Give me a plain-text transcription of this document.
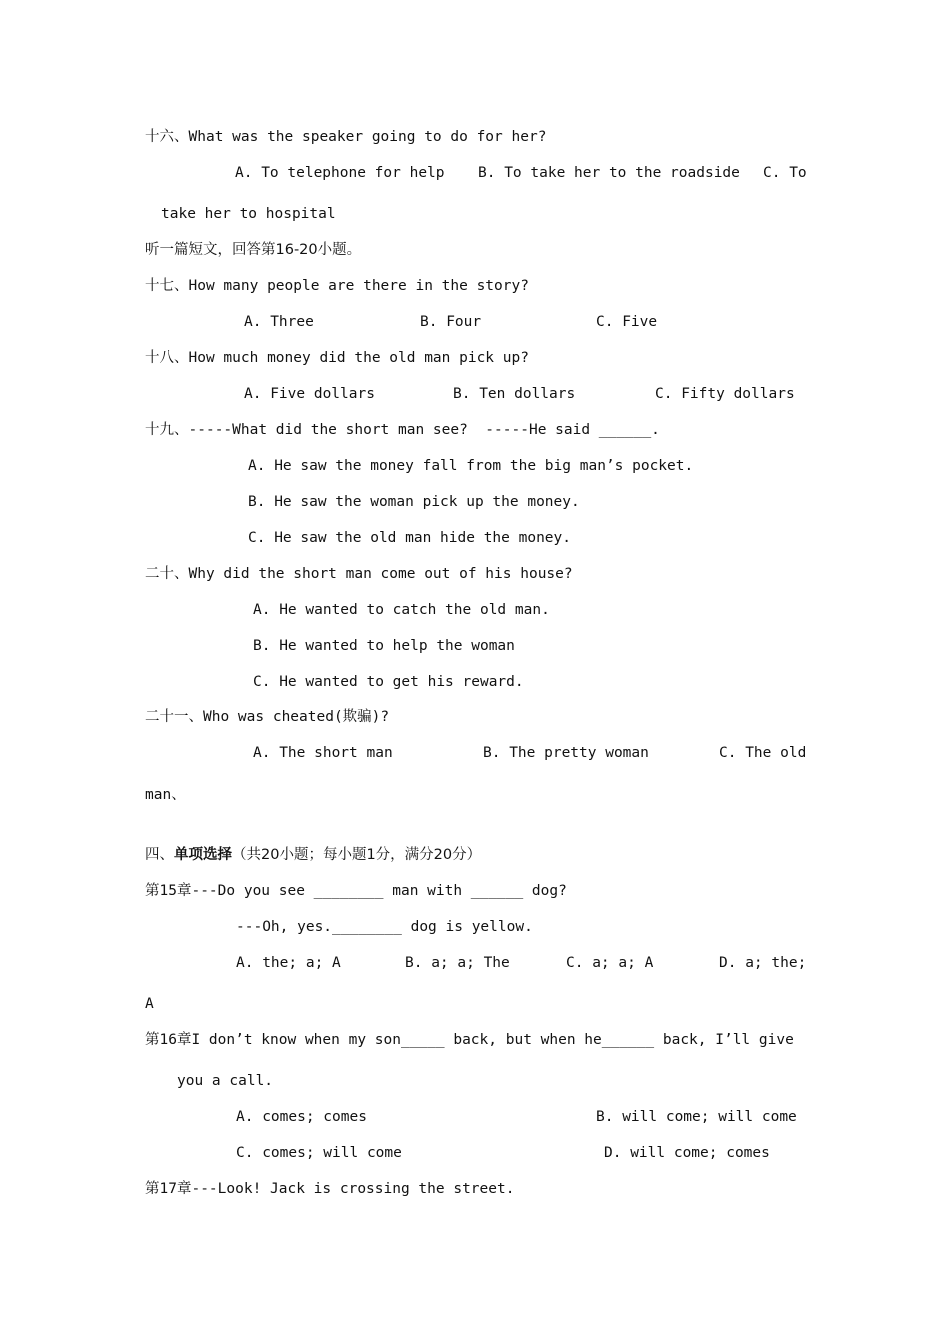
十六、What was the speaker going to do for her?
A. To telephone for help B. To take her to the roadside C. To
take her to hospital
听一篇短文，回答第16-20小题。
十七、How many people are there in the story?
A. Three	B. Four	C. Five
十八、How much money did the old man pick up?
A. Five dollars	B. Ten dollars	C. Fifty dollars
十九、-----What did the short man see?  -----He said ______.
A. He saw the money fall from the big man’s pocket.
B. He saw the woman pick up the money.
C. He saw the old man hide the money.
二十、Why did the short man come out of his house?
A. He wanted to catch the old man.
B. He wanted to help the woman
C. He wanted to get his reward.
二十一、Who was cheated(欺骗)?
A. The short man	B. The pretty woman	C. The old
man、
四、单项选择（共20小题；每小题1分，满分20分）
第15章---Do you see ________ man with ______ dog?
---Oh, yes.________ dog is yellow.
A. the; a; A	B. a; a; The	C. a; a; A	D. a; the;
A
第16章I don’t know when my son_____ back, but when he______ back, I’ll give
you a call.
A. comes; comes	B. will come; will come
C. comes; will come	D. will come; comes
第17章---Look! Jack is crossing the street.
